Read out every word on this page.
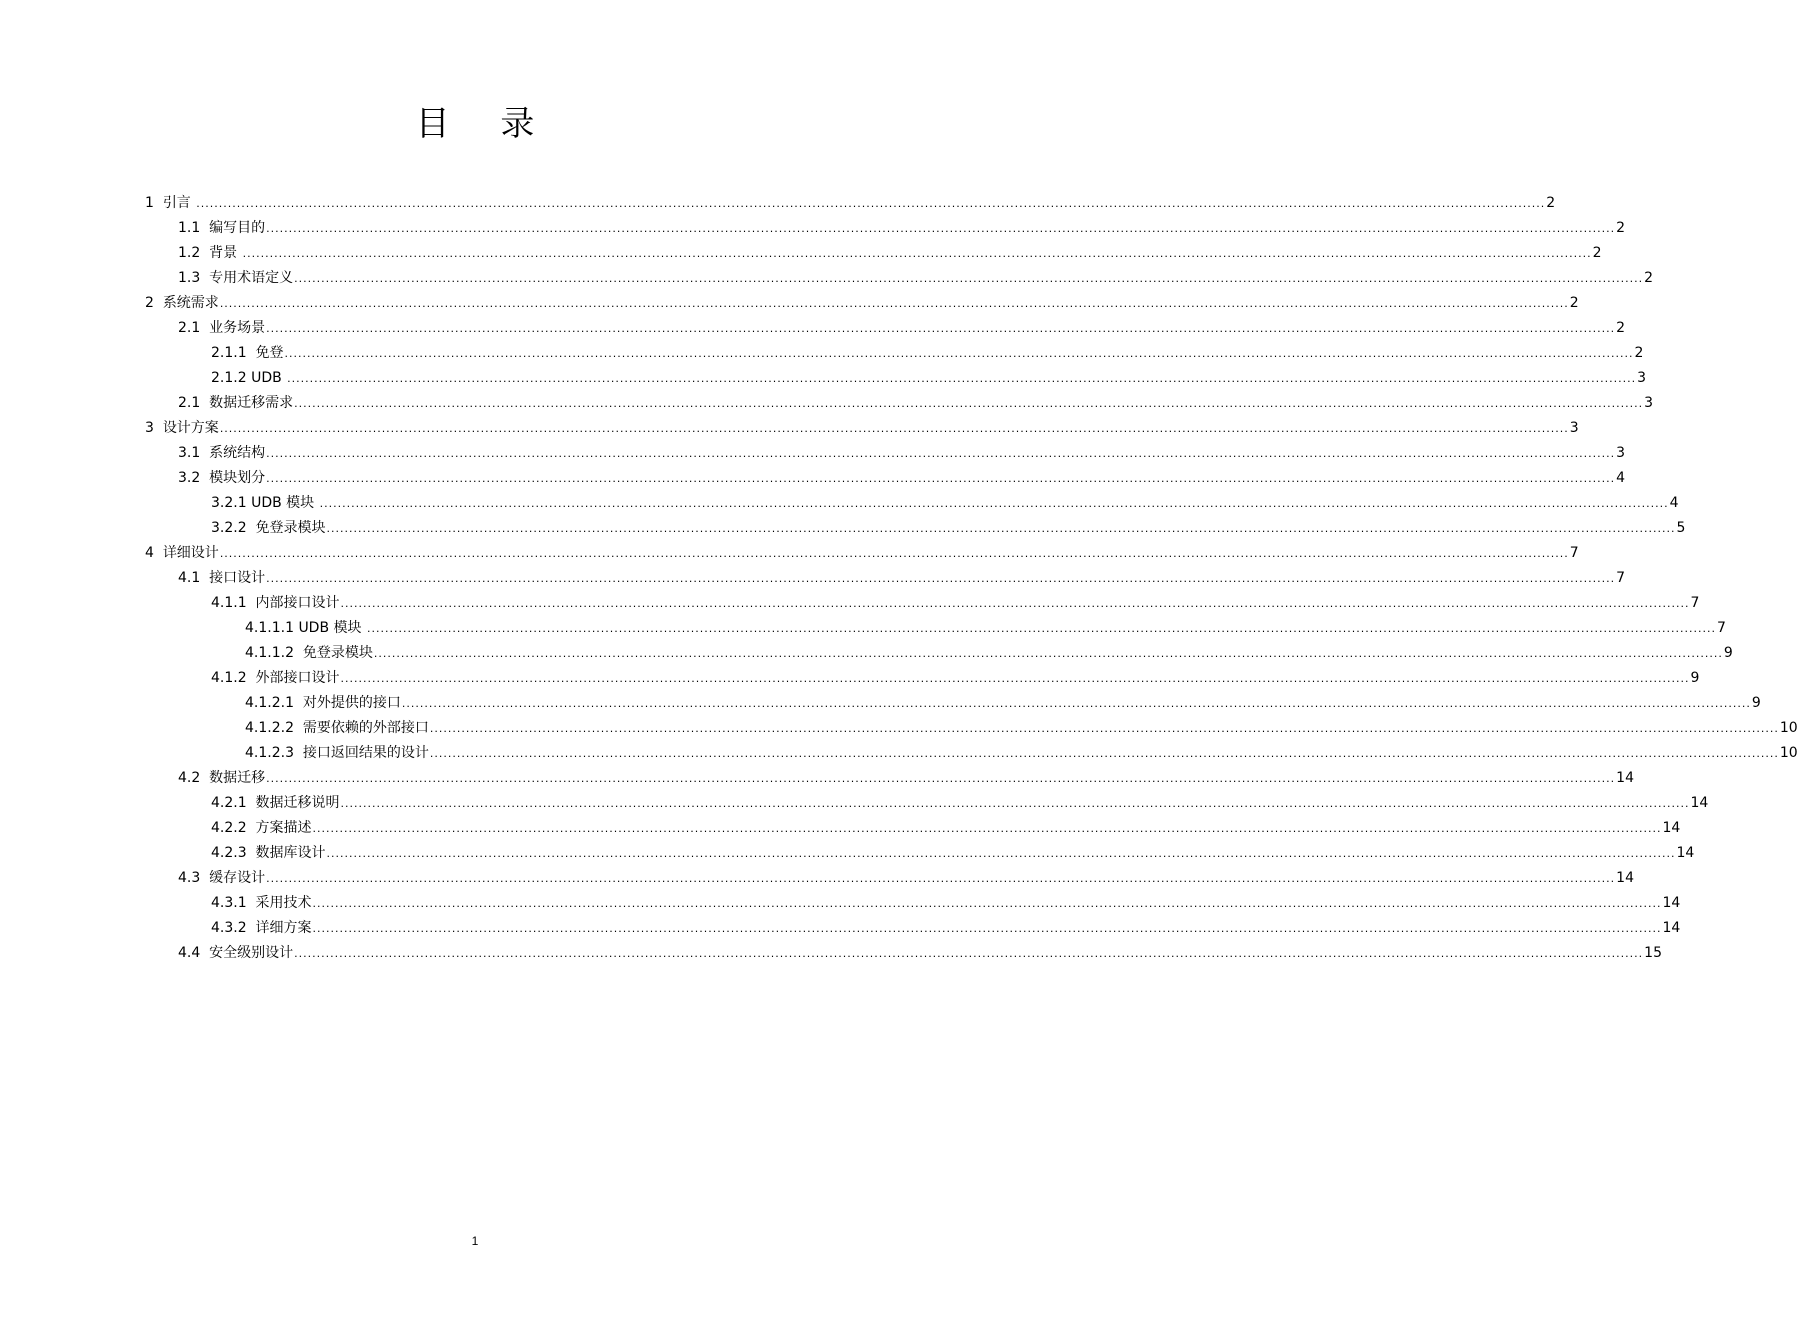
目 录
1 引言 ............................................................................................................................................................................................................................................................................................................ 2
1.1 编写目的 ............................................................................................................................................................................................................................................................................................................ 2
1.2 背景 ............................................................................................................................................................................................................................................................................................................ 2
1.3 专用术语定义 ............................................................................................................................................................................................................................................................................................................ 2
2 系统需求 ............................................................................................................................................................................................................................................................................................................ 2
2.1 业务场景 ............................................................................................................................................................................................................................................................................................................ 2
2.1.1 免登 ............................................................................................................................................................................................................................................................................................................ 2
2.1.2 UDB ............................................................................................................................................................................................................................................................................................................ 3
2.1 数据迁移需求 ............................................................................................................................................................................................................................................................................................................ 3
3 设计方案 ............................................................................................................................................................................................................................................................................................................ 3
3.1 系统结构 ............................................................................................................................................................................................................................................................................................................ 3
3.2 模块划分 ............................................................................................................................................................................................................................................................................................................ 4
3.2.1 UDB 模块 ............................................................................................................................................................................................................................................................................................................ 4
3.2.2 免登录模块 ............................................................................................................................................................................................................................................................................................................ 5
4 详细设计 ............................................................................................................................................................................................................................................................................................................ 7
4.1 接口设计 ............................................................................................................................................................................................................................................................................................................ 7
4.1.1 内部接口设计 ............................................................................................................................................................................................................................................................................................................ 7
4.1.1.1 UDB 模块 ............................................................................................................................................................................................................................................................................................................ 7
4.1.1.2 免登录模块 ............................................................................................................................................................................................................................................................................................................ 9
4.1.2 外部接口设计 ............................................................................................................................................................................................................................................................................................................ 9
4.1.2.1 对外提供的接口 ............................................................................................................................................................................................................................................................................................................ 9
4.1.2.2 需要依赖的外部接口 ............................................................................................................................................................................................................................................................................................................ 10
4.1.2.3 接口返回结果的设计 ............................................................................................................................................................................................................................................................................................................ 10
4.2 数据迁移 ............................................................................................................................................................................................................................................................................................................ 14
4.2.1 数据迁移说明 ............................................................................................................................................................................................................................................................................................................ 14
4.2.2 方案描述 ............................................................................................................................................................................................................................................................................................................ 14
4.2.3 数据库设计 ............................................................................................................................................................................................................................................................................................................ 14
4.3 缓存设计 ............................................................................................................................................................................................................................................................................................................ 14
4.3.1 采用技术 ............................................................................................................................................................................................................................................................................................................ 14
4.3.2 详细方案 ............................................................................................................................................................................................................................................................................................................ 14
4.4 安全级别设计 ............................................................................................................................................................................................................................................................................................................ 15
1
